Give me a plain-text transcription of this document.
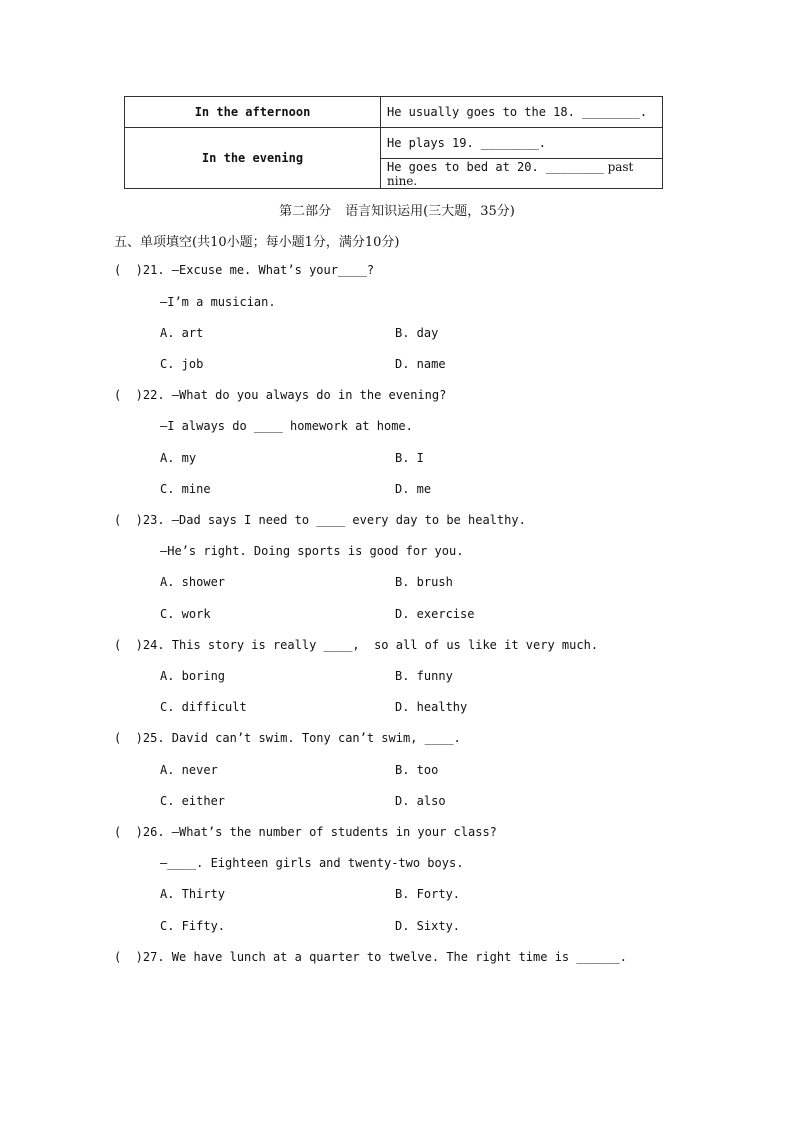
In the afternoon	He usually goes to the 18. ________.
In the evening	He plays 19. ________.
	He goes to bed at 20. ________ past nine.
第二部分 语言知识运用(三大题，35分)
五、单项填空(共10小题；每小题1分，满分10分)
(  )21. —Excuse me. What’s your____?
—I’m a musician.
A. art	B. day
C. job	D. name
(  )22. —What do you always do in the evening?
—I always do ____ homework at home.
A. my	B. I
C. mine	D. me
(  )23. —Dad says I need to ____ every day to be healthy.
—He’s right. Doing sports is good for you.
A. shower	B. brush
C. work	D. exercise
(  )24. This story is really ____,  so all of us like it very much.
A. boring	B. funny
C. difficult	D. healthy
(  )25. David can’t swim. Tony can’t swim, ____.
A. never	B. too
C. either	D. also
(  )26. —What’s the number of students in your class?
—____. Eighteen girls and twenty-two boys.
A. Thirty	B. Forty.
C. Fifty.	D. Sixty.
(  )27. We have lunch at a quarter to twelve. The right time is ______.
